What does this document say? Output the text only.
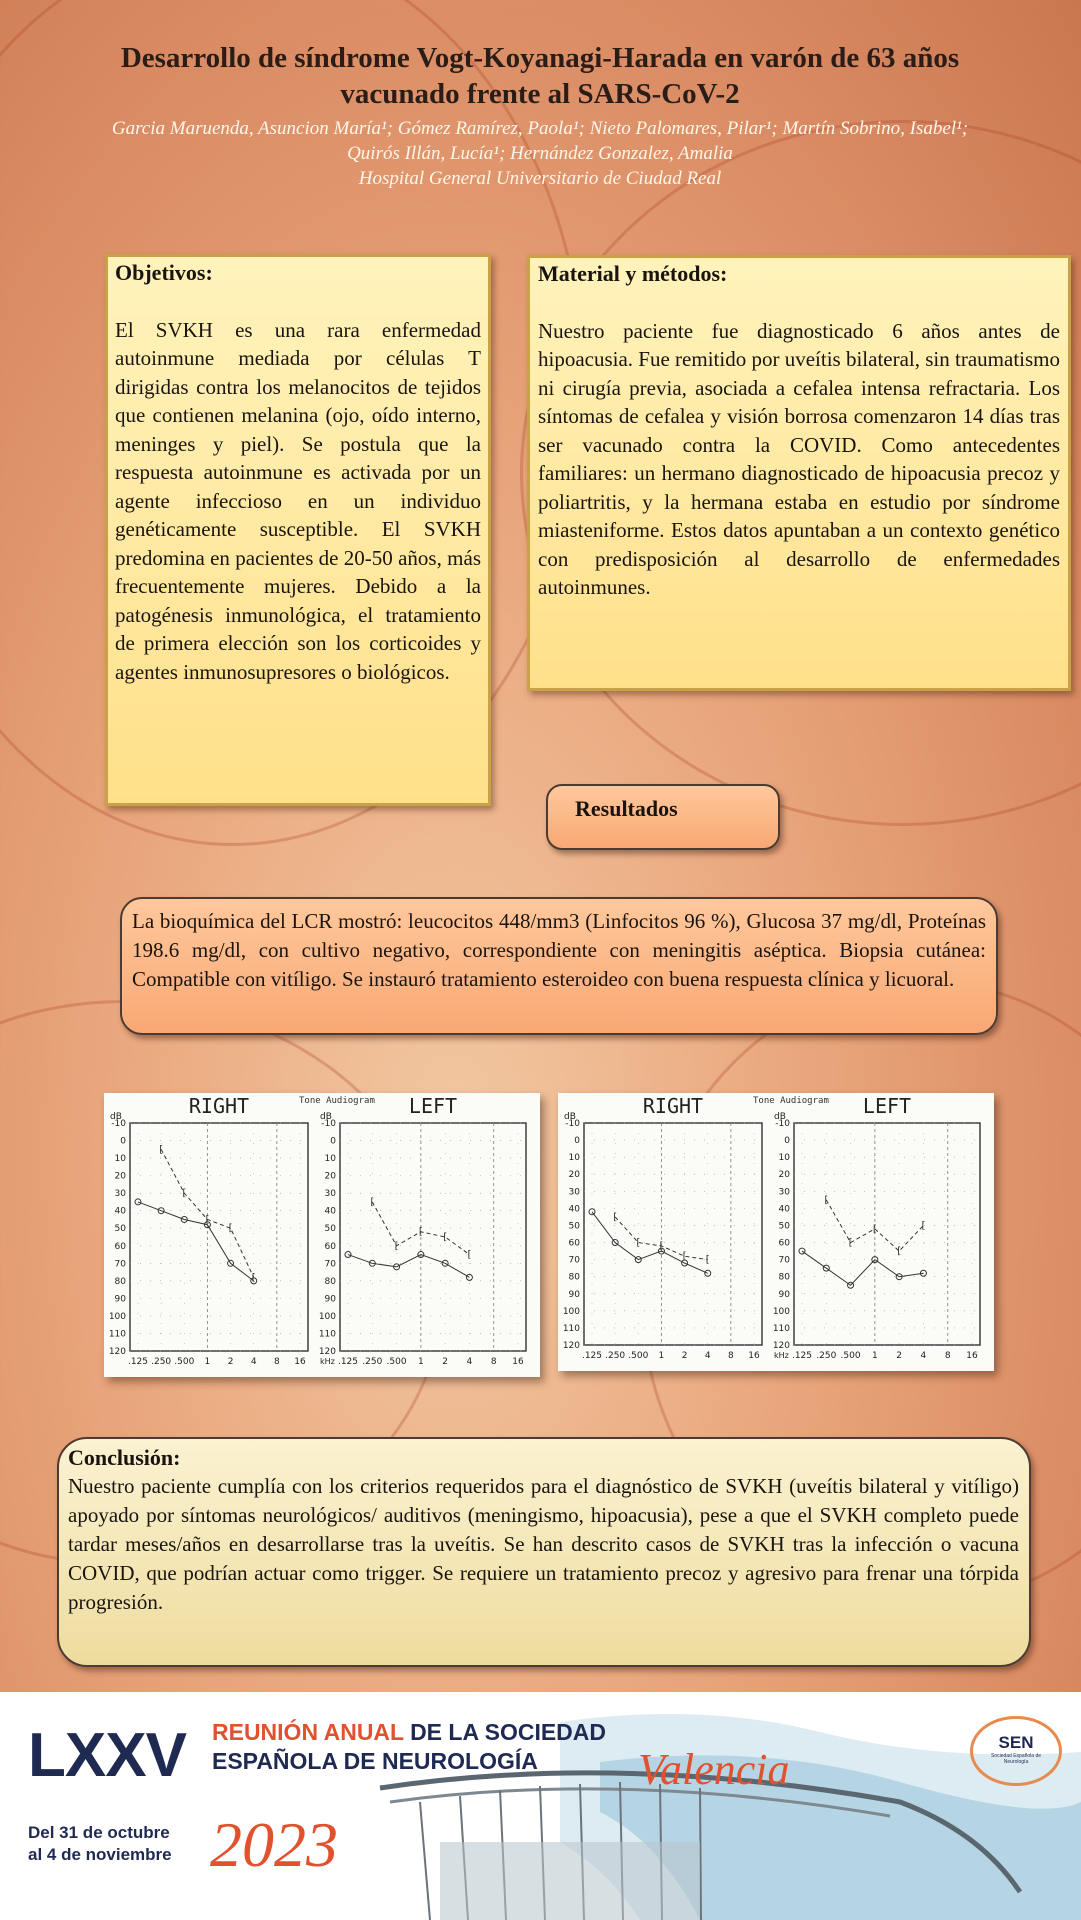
Desarrollo de síndrome Vogt-Koyanagi-Harada en varón de 63 años vacunado frente al SARS-CoV-2
Garcia Maruenda, Asuncion María¹; Gómez Ramírez, Paola¹; Nieto Palomares, Pilar¹; Martín Sobrino, Isabel¹; Quirós Illán, Lucía¹; Hernández Gonzalez, Amalia
Hospital General Universitario de Ciudad Real
Objetivos:

El SVKH es una rara enfermedad autoinmune mediada por células T dirigidas contra los melanocitos de tejidos que contienen melanina (ojo, oído interno, meninges y piel). Se postula que la respuesta autoinmune es activada por un agente infeccioso en un individuo genéticamente susceptible. El SVKH predomina en pacientes de 20-50 años, más frecuentemente mujeres. Debido a la patogénesis inmunológica, el tratamiento de primera elección son los corticoides y agentes inmunosupresores o biológicos.

Material y métodos:

Nuestro paciente fue diagnosticado 6 años antes de hipoacusia. Fue remitido por uveítis bilateral, sin traumatismo ni cirugía previa, asociada a cefalea intensa refractaria. Los síntomas de cefalea y visión borrosa comenzaron 14 días tras ser vacunado contra la COVID. Como antecedentes familiares: un hermano diagnosticado de hipoacusia precoz y poliartritis, y la hermana estaba en estudio por síndrome miasteniforme. Estos datos apuntaban a un contexto genético con predisposición al desarrollo de enfermedades autoinmunes.

Resultados

La bioquímica del LCR mostró: leucocitos 448/mm3 (Linfocitos 96 %), Glucosa 37 mg/dl, Proteínas 198.6 mg/dl, con cultivo negativo, correspondiente con meningitis aséptica. Biopsia cutánea: Compatible con vitíligo. Se instauró tratamiento esteroideo con buena respuesta clínica y licuoral.

Tone Audiogram
RIGHT
-10
0
10
20
30
40
50
60
70
80
90
100
110
120
.125 .250 .500 1 2 4 8 16
dB
[
[
[
[
[
LEFT
-10
0
10
20
30
40
50
60
70
80
90
100
110
120
.125 .250 .500 1 2 4 8 16
dB
[
[
[ [
[
kHz
Tone Audiogram
RIGHT
-10
0
10
20
30
40
50
60
70
80
90
100
110
120
.125 .250 .500 1 2 4 8 16
dB
[
[ [
[ [
LEFT
-10
0
10
20
30
40
50
60
70
80
90
100
110
120
.125 .250 .500 1 2 4 8 16
dB
[
[
[
[
[
kHz
Conclusión:

Nuestro paciente cumplía con los criterios requeridos para el diagnóstico de SVKH (uveítis bilateral y vitíligo) apoyado por síntomas neurológicos/ auditivos (meningismo, hipoacusia), pese a que el SVKH completo puede tardar meses/años en desarrollarse tras la uveítis. Se han descrito casos de SVKH tras la infección o vacuna COVID, que podrían actuar como trigger. Se requiere un tratamiento precoz y agresivo para frenar una tórpida progresión.

LXXV REUNIÓN ANUAL DE LA SOCIEDAD
ESPAÑOLA DE NEUROLOGÍA	Valencia
Del 31 de octubre
al 4 de noviembre 2023
SEN
Sociedad Española de Neurología
